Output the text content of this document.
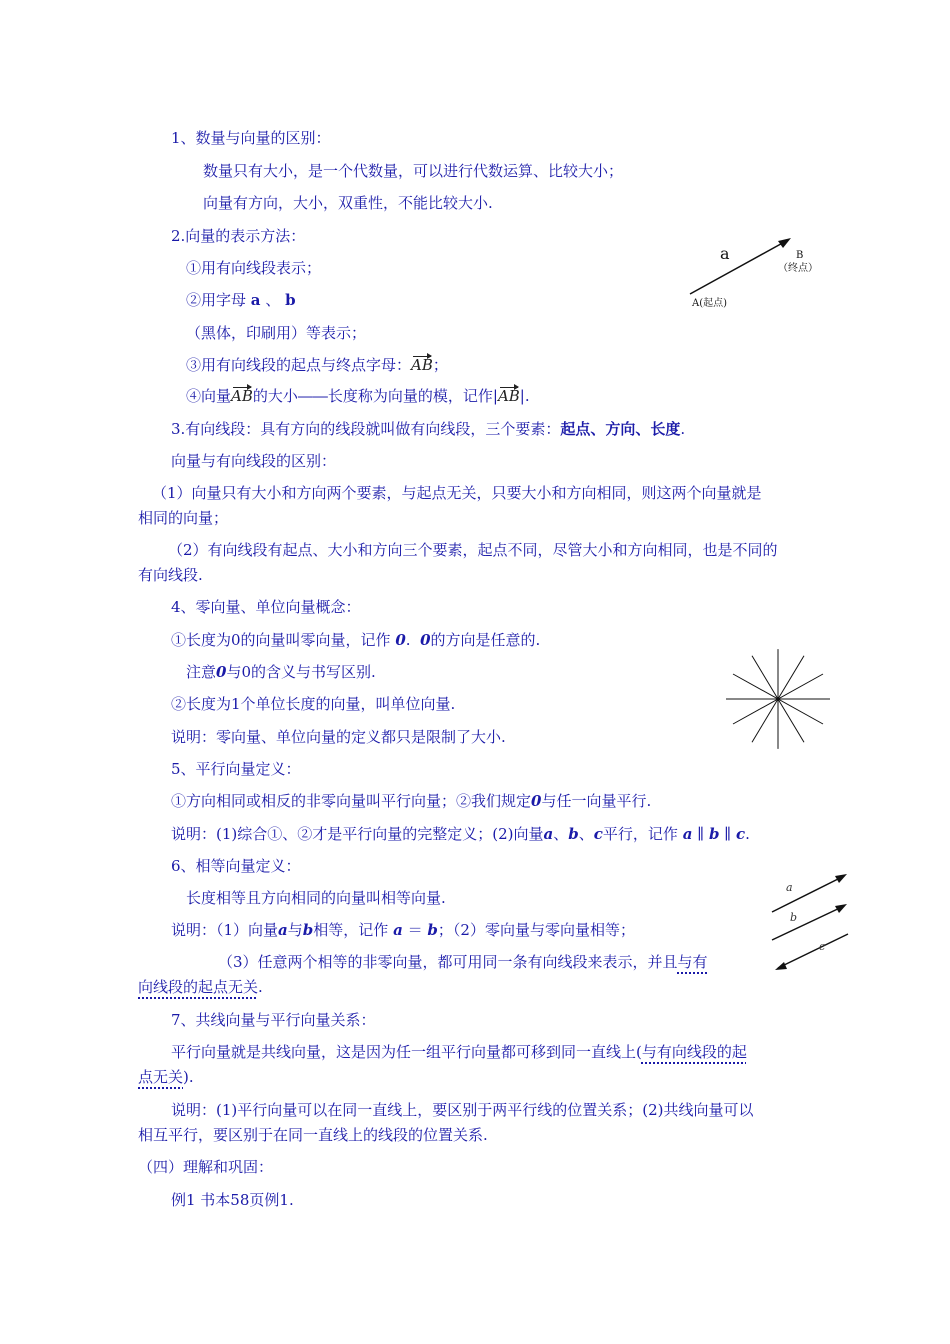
1、数量与向量的区别：
数量只有大小，是一个代数量，可以进行代数运算、比较大小；
向量有方向，大小，双重性，不能比较大小.
2.向量的表示方法：
①用有向线段表示；
②用字母 a 、 b
（黑体，印刷用）等表示；
③用有向线段的起点与终点字母：AB；
④向量AB的大小――长度称为向量的模，记作|AB|.
a	B
（终点）
A(起点)
3.有向线段：具有方向的线段就叫做有向线段，三个要素：起点、方向、长度.
向量与有向线段的区别：
（1）向量只有大小和方向两个要素，与起点无关，只要大小和方向相同，则这两个向量就是
相同的向量；
（2）有向线段有起点、大小和方向三个要素，起点不同，尽管大小和方向相同，也是不同的
有向线段.
4、零向量、单位向量概念：
①长度为0的向量叫零向量，记作 0. 0的方向是任意的.
注意0与0的含义与书写区别.
②长度为1个单位长度的向量，叫单位向量.
说明：零向量、单位向量的定义都只是限制了大小.
5、平行向量定义：
①方向相同或相反的非零向量叫平行向量；②我们规定0与任一向量平行.
说明：(1)综合①、②才是平行向量的完整定义；(2)向量a、b、c平行，记作 a ∥ b ∥ c.
6、相等向量定义：
长度相等且方向相同的向量叫相等向量.
说明：（1）向量a与b相等，记作 a ＝ b；（2）零向量与零向量相等；
（3）任意两个相等的非零向量，都可用同一条有向线段来表示，并且与有
向线段的起点无关.
a
b
c
7、共线向量与平行向量关系：
平行向量就是共线向量，这是因为任一组平行向量都可移到同一直线上(与有向线段的起
点无关).
说明：(1)平行向量可以在同一直线上，要区别于两平行线的位置关系；(2)共线向量可以
相互平行，要区别于在同一直线上的线段的位置关系.
（四）理解和巩固：
例1 书本58页例1.
